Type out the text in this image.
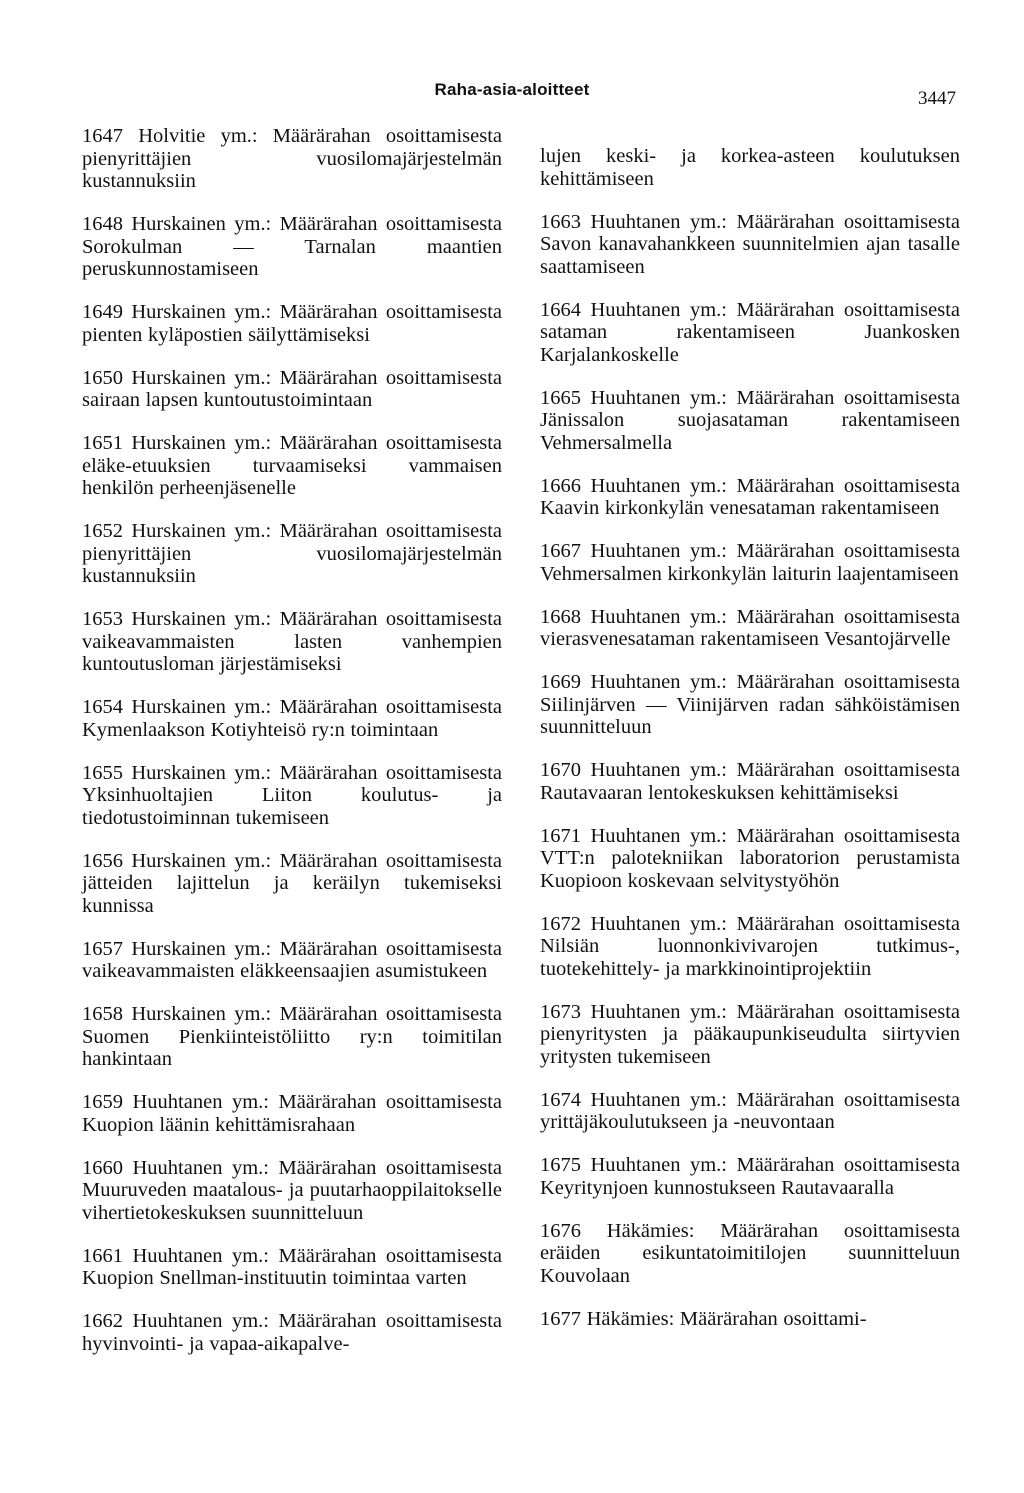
Raha-asia-aloitteet	3447

1647 Holvitie ym.: Määrärahan osoittamisesta pienyrittäjien vuosilomajärjestelmän kustannuksiin

1648 Hurskainen ym.: Määrärahan osoittamisesta Sorokulman — Tarnalan maantien peruskunnostamiseen

1649 Hurskainen ym.: Määrärahan osoittamisesta pienten kyläpostien säilyttämiseksi

1650 Hurskainen ym.: Määrärahan osoittamisesta sairaan lapsen kuntoutustoimintaan

1651 Hurskainen ym.: Määrärahan osoittamisesta eläke-etuuksien turvaamiseksi vammaisen henkilön perheenjäsenelle

1652 Hurskainen ym.: Määrärahan osoittamisesta pienyrittäjien vuosilomajärjestelmän kustannuksiin

1653 Hurskainen ym.: Määrärahan osoittamisesta vaikeavammaisten lasten vanhempien kuntoutusloman järjestämiseksi

1654 Hurskainen ym.: Määrärahan osoittamisesta Kymenlaakson Kotiyhteisö ry:n toimintaan

1655 Hurskainen ym.: Määrärahan osoittamisesta Yksinhuoltajien Liiton koulutus- ja tiedotustoiminnan tukemiseen

1656 Hurskainen ym.: Määrärahan osoittamisesta jätteiden lajittelun ja keräilyn tukemiseksi kunnissa

1657 Hurskainen ym.: Määrärahan osoittamisesta vaikeavammaisten eläkkeensaajien asumistukeen

1658 Hurskainen ym.: Määrärahan osoittamisesta Suomen Pienkiinteistöliitto ry:n toimitilan hankintaan

1659 Huuhtanen ym.: Määrärahan osoittamisesta Kuopion läänin kehittämisrahaan

1660 Huuhtanen ym.: Määrärahan osoittamisesta Muuruveden maatalous- ja puutarhaoppilaitokselle vihertietokeskuksen suunnitteluun

1661 Huuhtanen ym.: Määrärahan osoittamisesta Kuopion Snellman-instituutin toimintaa varten

1662 Huuhtanen ym.: Määrärahan osoittamisesta hyvinvointi- ja vapaa-aikapalve-

lujen keski- ja korkea-asteen koulutuksen kehittämiseen

1663 Huuhtanen ym.: Määrärahan osoittamisesta Savon kanavahankkeen suunnitelmien ajan tasalle saattamiseen

1664 Huuhtanen ym.: Määrärahan osoittamisesta sataman rakentamiseen Juankosken Karjalankoskelle

1665 Huuhtanen ym.: Määrärahan osoittamisesta Jänissalon suojasataman rakentamiseen Vehmersalmella

1666 Huuhtanen ym.: Määrärahan osoittamisesta Kaavin kirkonkylän venesataman rakentamiseen

1667 Huuhtanen ym.: Määrärahan osoittamisesta Vehmersalmen kirkonkylän laiturin laajentamiseen

1668 Huuhtanen ym.: Määrärahan osoittamisesta vierasvenesataman rakentamiseen Vesantojärvelle

1669 Huuhtanen ym.: Määrärahan osoittamisesta Siilinjärven — Viinijärven radan sähköistämisen suunnitteluun

1670 Huuhtanen ym.: Määrärahan osoittamisesta Rautavaaran lentokeskuksen kehittämiseksi

1671 Huuhtanen ym.: Määrärahan osoittamisesta VTT:n palotekniikan laboratorion perustamista Kuopioon koskevaan selvitystyöhön

1672 Huuhtanen ym.: Määrärahan osoittamisesta Nilsiän luonnonkivivarojen tutkimus-, tuotekehittely- ja markkinointiprojektiin

1673 Huuhtanen ym.: Määrärahan osoittamisesta pienyritysten ja pääkaupunkiseudulta siirtyvien yritysten tukemiseen

1674 Huuhtanen ym.: Määrärahan osoittamisesta yrittäjäkoulutukseen ja -neuvontaan

1675 Huuhtanen ym.: Määrärahan osoittamisesta Keyritynjoen kunnostukseen Rautavaaralla

1676 Häkämies: Määrärahan osoittamisesta eräiden esikuntatoimitilojen suunnitteluun Kouvolaan

1677 Häkämies: Määrärahan osoittami-
